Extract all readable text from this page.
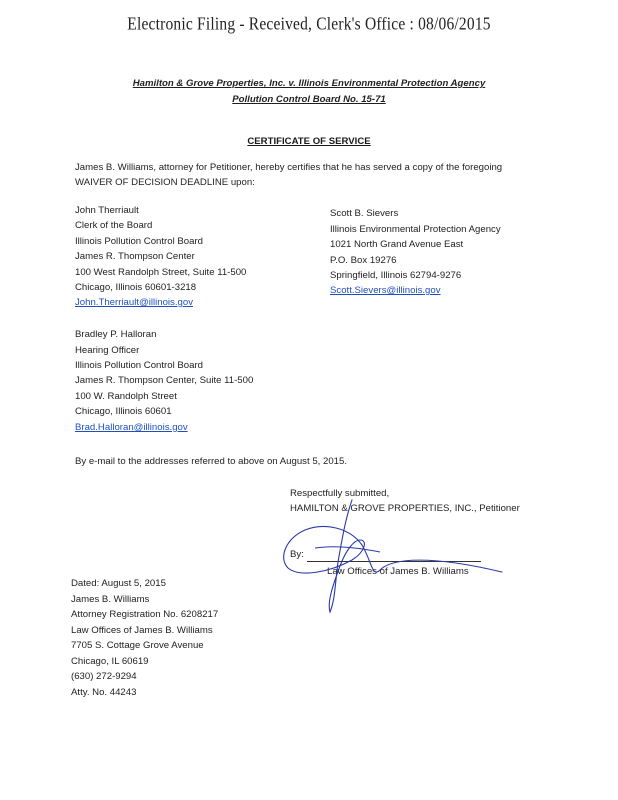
Electronic Filing - Received, Clerk's Office : 08/06/2015
Hamilton & Grove Properties, Inc. v. Illinois Environmental Protection Agency
Pollution Control Board No. 15-71
CERTIFICATE OF SERVICE
James B. Williams, attorney for Petitioner, hereby certifies that he has served a copy of the foregoing
WAIVER OF DECISION DEADLINE upon:
John Therriault
Clerk of the Board
Illinois Pollution Control Board
James R. Thompson Center
100 West Randolph Street, Suite 11-500
Chicago, Illinois 60601-3218
John.Therriault@illinois.gov
Scott B. Sievers
Illinois Environmental Protection Agency
1021 North Grand Avenue East
P.O. Box 19276
Springfield, Illinois 62794-9276
Scott.Sievers@illinois.gov
Bradley P. Halloran
Hearing Officer
Illinois Pollution Control Board
James R. Thompson Center, Suite 11-500
100 W. Randolph Street
Chicago, Illinois 60601
Brad.Halloran@illinois.gov
By e-mail to the addresses referred to above on August 5, 2015.
Respectfully submitted,
HAMILTON & GROVE PROPERTIES, INC., Petitioner
By:
Law Offices of James B. Williams
Dated: August 5, 2015
James B. Williams
Attorney Registration No. 6208217
Law Offices of James B. Williams
7705 S. Cottage Grove Avenue
Chicago, IL 60619
(630) 272-9294
Atty. No. 44243
